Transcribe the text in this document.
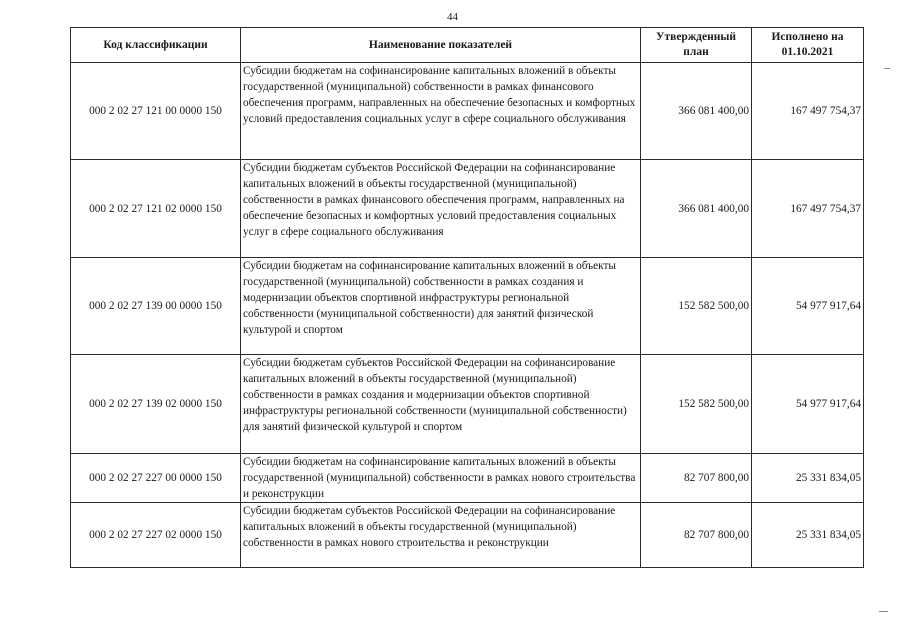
44
Код классификации	Наименование показателей	Утвержденный план	Исполнено на 01.10.2021
000 2 02 27 121 00 0000 150	Субсидии бюджетам на софинансирование капитальных вложений в объекты государственной (муниципальной) собственности в рамках финансового обеспечения программ, направленных на обеспечение безопасных и комфортных условий предоставления социальных услуг в сфере социального обслуживания	366 081 400,00	167 497 754,37
000 2 02 27 121 02 0000 150	Субсидии бюджетам субъектов Российской Федерации на софинансирование капитальных вложений в объекты государственной (муниципальной) собственности в рамках финансового обеспечения программ, направленных на обеспечение безопасных и комфортных условий предоставления социальных услуг в сфере социального обслуживания	366 081 400,00	167 497 754,37
000 2 02 27 139 00 0000 150	Субсидии бюджетам на софинансирование капитальных вложений в объекты государственной (муниципальной) собственности в рамках создания и модернизации объектов спортивной инфраструктуры региональной собственности (муниципальной собственности) для занятий физической культурой и спортом	152 582 500,00	54 977 917,64
000 2 02 27 139 02 0000 150	Субсидии бюджетам субъектов Российской Федерации на софинансирование капитальных вложений в объекты государственной (муниципальной) собственности в рамках создания и модернизации объектов спортивной инфраструктуры региональной собственности (муниципальной собственности) для занятий физической культурой и спортом	152 582 500,00	54 977 917,64
000 2 02 27 227 00 0000 150	Субсидии бюджетам на софинансирование капитальных вложений в объекты государственной (муниципальной) собственности в рамках нового строительства и реконструкции	82 707 800,00	25 331 834,05
000 2 02 27 227 02 0000 150	Субсидии бюджетам субъектов Российской Федерации на софинансирование капитальных вложений в объекты государственной (муниципальной) собственности в рамках нового строительства и реконструкции	82 707 800,00	25 331 834,05
